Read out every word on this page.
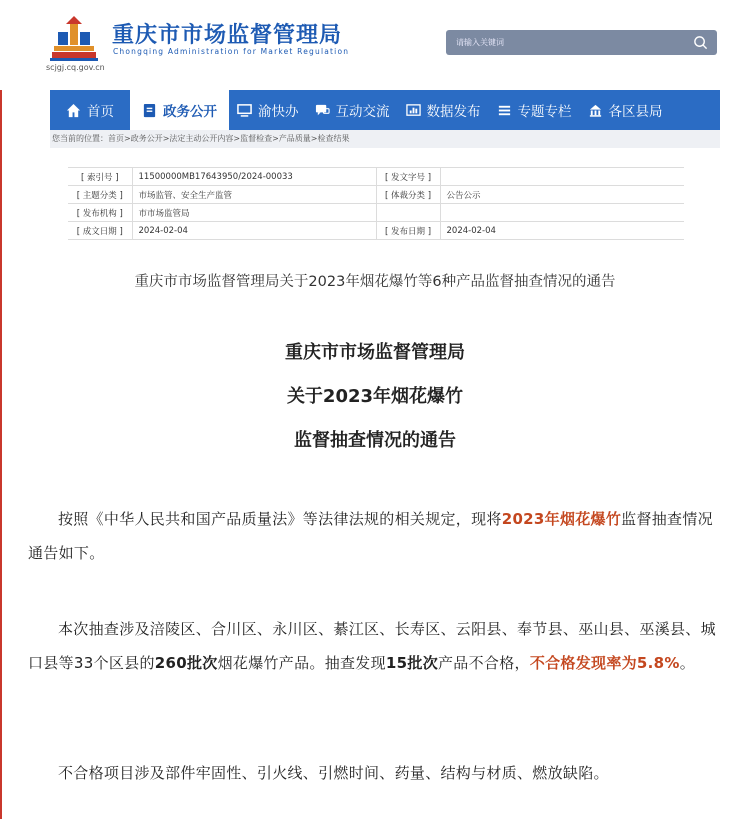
scjgj.cq.gov.cn
重庆市市场监督管理局
Chongqing Administration for Market Regulation
请输入关键词
首页	政务公开	渝快办	互动交流	数据发布	专题专栏	各区县局
您当前的位置：首页>政务公开>法定主动公开内容>监督检查>产品质量>检查结果
[ 索引号 ]	11500000MB17643950/2024-00033	[ 发文字号 ]	
[ 主题分类 ]	市场监管、安全生产监管	[ 体裁分类 ]	公告公示
[ 发布机构 ]	市市场监管局		
[ 成文日期 ]	2024-02-04	[ 发布日期 ]	2024-02-04
重庆市市场监督管理局关于2023年烟花爆竹等6种产品监督抽查情况的通告
重庆市市场监督管理局
关于2023年烟花爆竹
监督抽查情况的通告
按照《中华人民共和国产品质量法》等法律法规的相关规定，现将2023年烟花爆竹监督抽查情况通告如下。
本次抽查涉及涪陵区、合川区、永川区、綦江区、长寿区、云阳县、奉节县、巫山县、巫溪县、城口县等33个区县的260批次烟花爆竹产品。抽查发现15批次产品不合格，不合格发现率为5.8%。
不合格项目涉及部件牢固性、引火线、引燃时间、药量、结构与材质、燃放缺陷。
